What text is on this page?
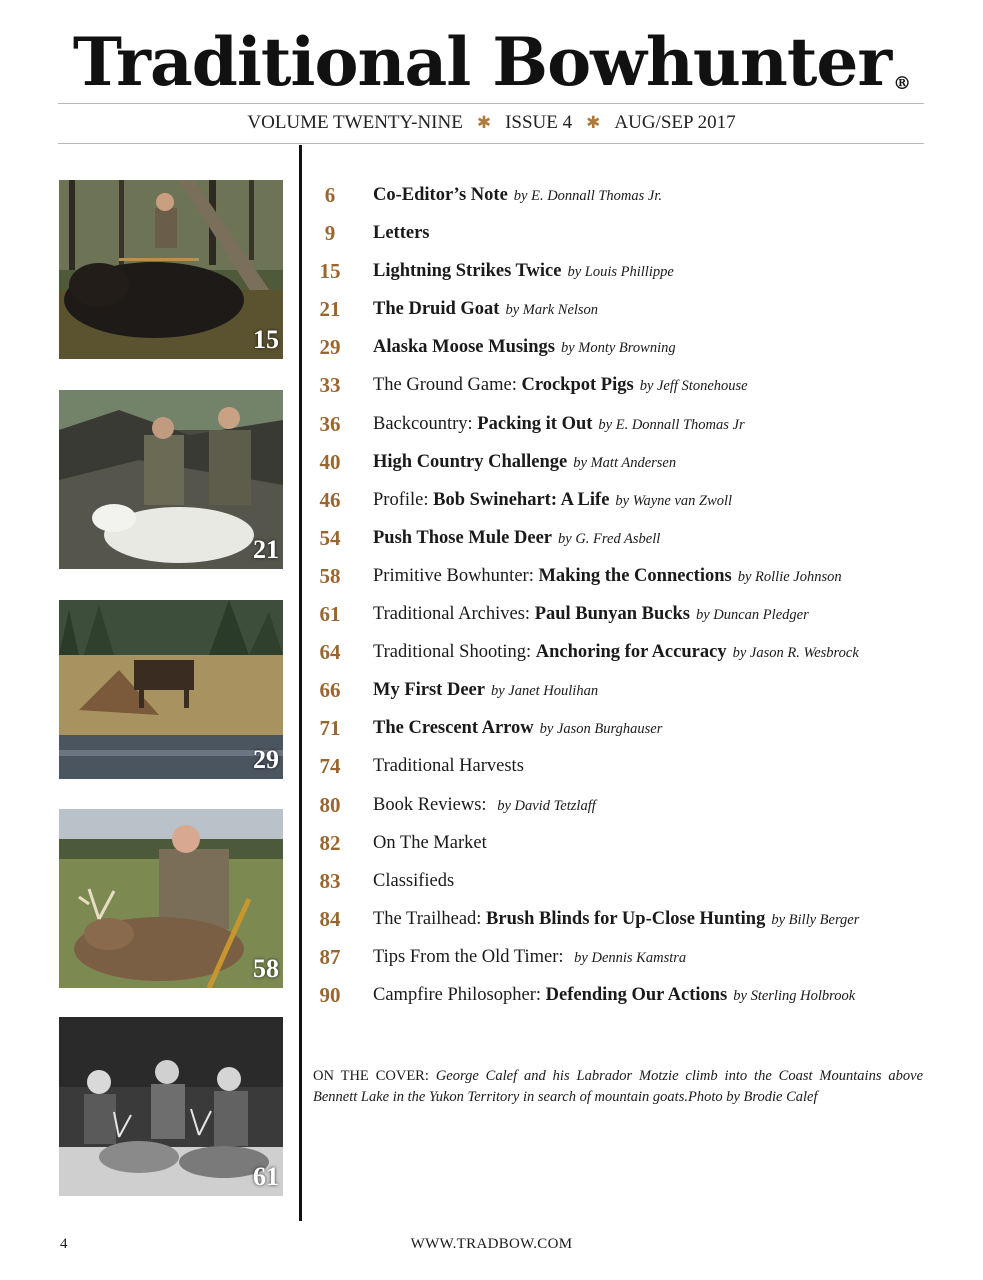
Traditional Bowhunter ®
VOLUME TWENTY-NINE ✱ ISSUE 4 ✱ AUG/SEP 2017
15
21
29
58
61
6	Co-Editor’s Note by E. Donnall Thomas Jr.
9	Letters
15	Lightning Strikes Twice by Louis Phillippe
21	The Druid Goat by Mark Nelson
29	Alaska Moose Musings by Monty Browning
33	The Ground Game: Crockpot Pigs by Jeff Stonehouse
36	Backcountry: Packing it Out by E. Donnall Thomas Jr
40	High Country Challenge by Matt Andersen
46	Profile: Bob Swinehart: A Life by Wayne van Zwoll
54	Push Those Mule Deer by G. Fred Asbell
58	Primitive Bowhunter: Making the Connections by Rollie Johnson
61	Traditional Archives: Paul Bunyan Bucks by Duncan Pledger
64	Traditional Shooting: Anchoring for Accuracy by Jason R. Wesbrock
66	My First Deer by Janet Houlihan
71	The Crescent Arrow by Jason Burghauser
74	Traditional Harvests
80	Book Reviews: by David Tetzlaff
82	On The Market
83	Classifieds
84	The Trailhead: Brush Blinds for Up-Close Hunting by Billy Berger
87	Tips From the Old Timer: by Dennis Kamstra
90	Campfire Philosopher: Defending Our Actions by Sterling Holbrook
ON THE COVER: George Calef and his Labrador Motzie climb into the Coast Mountains above Bennett Lake in the Yukon Territory in search of mountain goats.Photo by Brodie Calef
4	WWW.TRADBOW.COM
